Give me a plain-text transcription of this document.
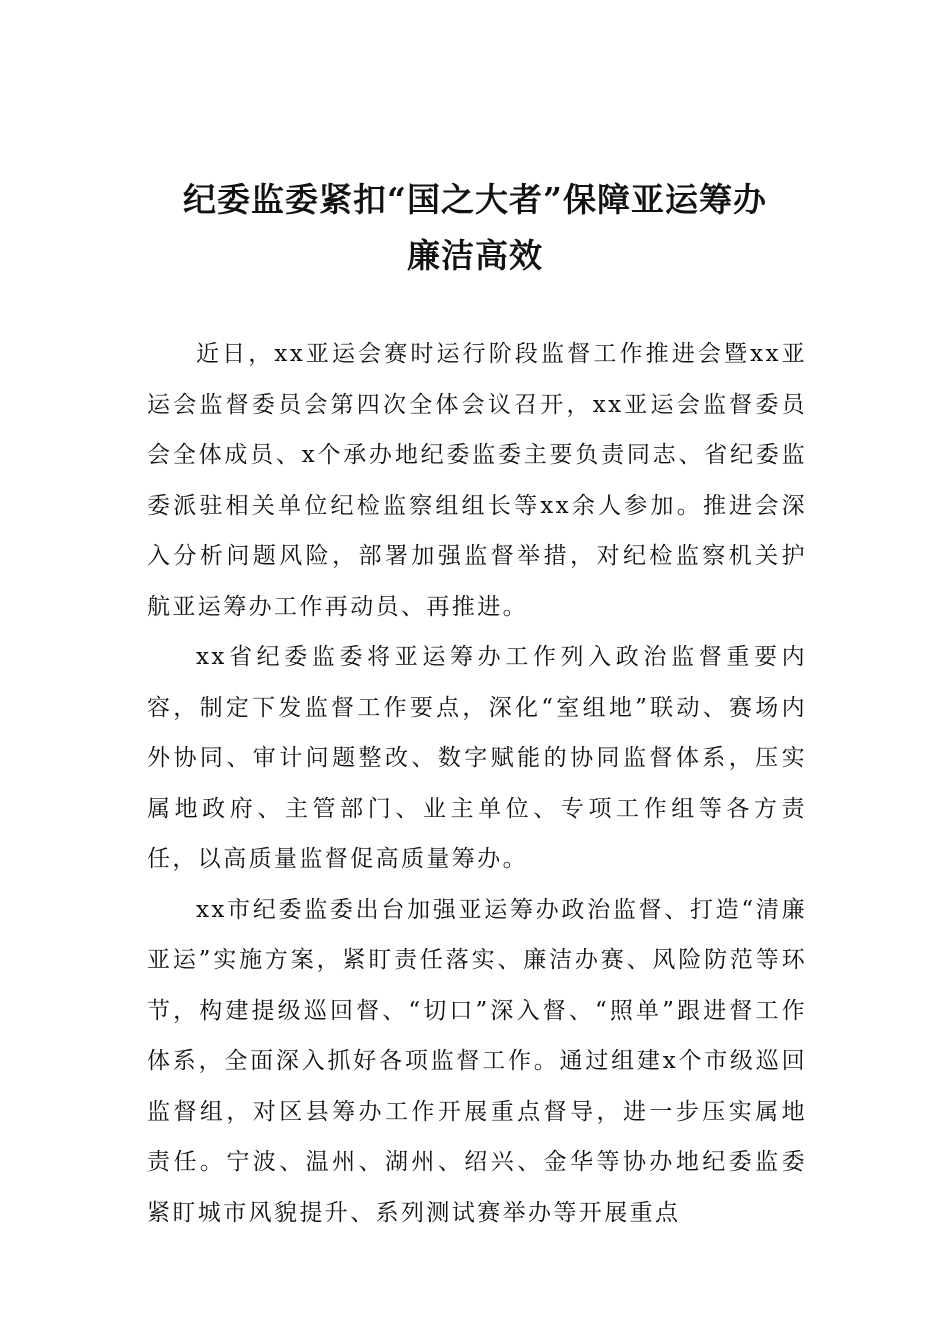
纪委监委紧扣“国之大者”保障亚运筹办
廉洁高效

近日，xx亚运会赛时运行阶段监督工作推进会暨xx亚运会监督委员会第四次全体会议召开，xx亚运会监督委员会全体成员、x个承办地纪委监委主要负责同志、省纪委监委派驻相关单位纪检监察组组长等xx余人参加。推进会深入分析问题风险，部署加强监督举措，对纪检监察机关护航亚运筹办工作再动员、再推进。

xx省纪委监委将亚运筹办工作列入政治监督重要内容，制定下发监督工作要点，深化“室组地”联动、赛场内外协同、审计问题整改、数字赋能的协同监督体系，压实属地政府、主管部门、业主单位、专项工作组等各方责任，以高质量监督促高质量筹办。

xx市纪委监委出台加强亚运筹办政治监督、打造“清廉亚运”实施方案，紧盯责任落实、廉洁办赛、风险防范等环节，构建提级巡回督、“切口”深入督、“照单”跟进督工作体系，全面深入抓好各项监督工作。通过组建x个市级巡回监督组，对区县筹办工作开展重点督导，进一步压实属地责任。宁波、温州、湖州、绍兴、金华等协办地纪委监委紧盯城市风貌提升、系列测试赛举办等开展重点
